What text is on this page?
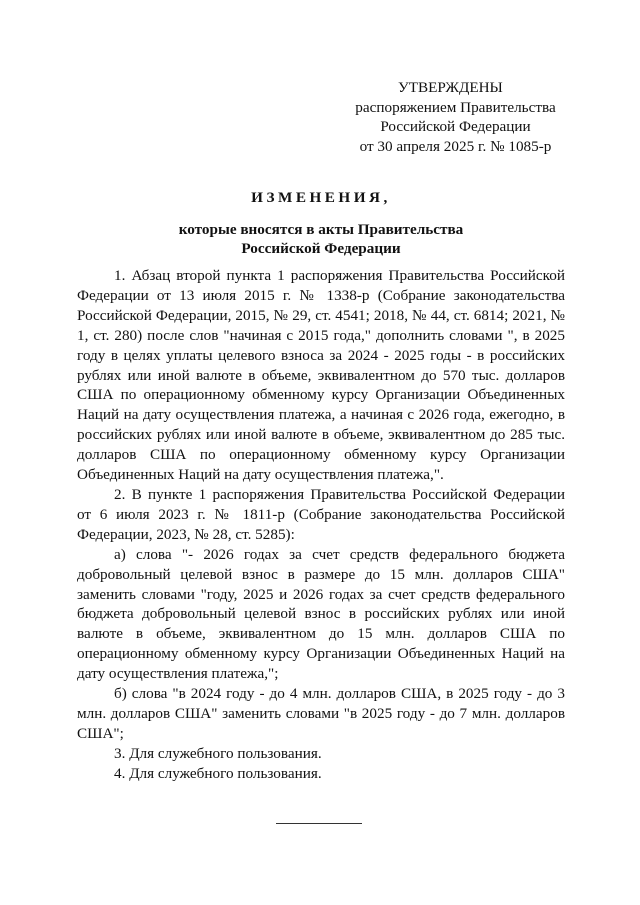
УТВЕРЖДЕНЫ
распоряжением Правительства
Российской Федерации
от 30 апреля 2025 г. № 1085-р
ИЗМЕНЕНИЯ,
которые вносятся в акты Правительства
Российской Федерации

1. Абзац второй пункта 1 распоряжения Правительства Российской Федерации от 13 июля 2015 г. № 1338-р (Собрание законодательства Российской Федерации, 2015, № 29, ст. 4541; 2018, № 44, ст. 6814; 2021, № 1, ст. 280) после слов "начиная с 2015 года," дополнить словами ", в 2025 году в целях уплаты целевого взноса за 2024 - 2025 годы - в российских рублях или иной валюте в объеме, эквивалентном до 570 тыс. долларов США по операционному обменному курсу Организации Объединенных Наций на дату осуществления платежа, а начиная с 2026 года, ежегодно, в российских рублях или иной валюте в объеме, эквивалентном до 285 тыс. долларов США по операционному обменному курсу Организации Объединенных Наций на дату осуществления платежа,".

2. В пункте 1 распоряжения Правительства Российской Федерации от 6 июля 2023 г. № 1811-р (Собрание законодательства Российской Федерации, 2023, № 28, ст. 5285):

а) слова "- 2026 годах за счет средств федерального бюджета добровольный целевой взнос в размере до 15 млн. долларов США" заменить словами "году, 2025 и 2026 годах за счет средств федерального бюджета добровольный целевой взнос в российских рублях или иной валюте в объеме, эквивалентном до 15 млн. долларов США по операционному обменному курсу Организации Объединенных Наций на дату осуществления платежа,";

б) слова "в 2024 году - до 4 млн. долларов США, в 2025 году - до 3 млн. долларов США" заменить словами "в 2025 году - до 7 млн. долларов США";

3. Для служебного пользования.

4. Для служебного пользования.
